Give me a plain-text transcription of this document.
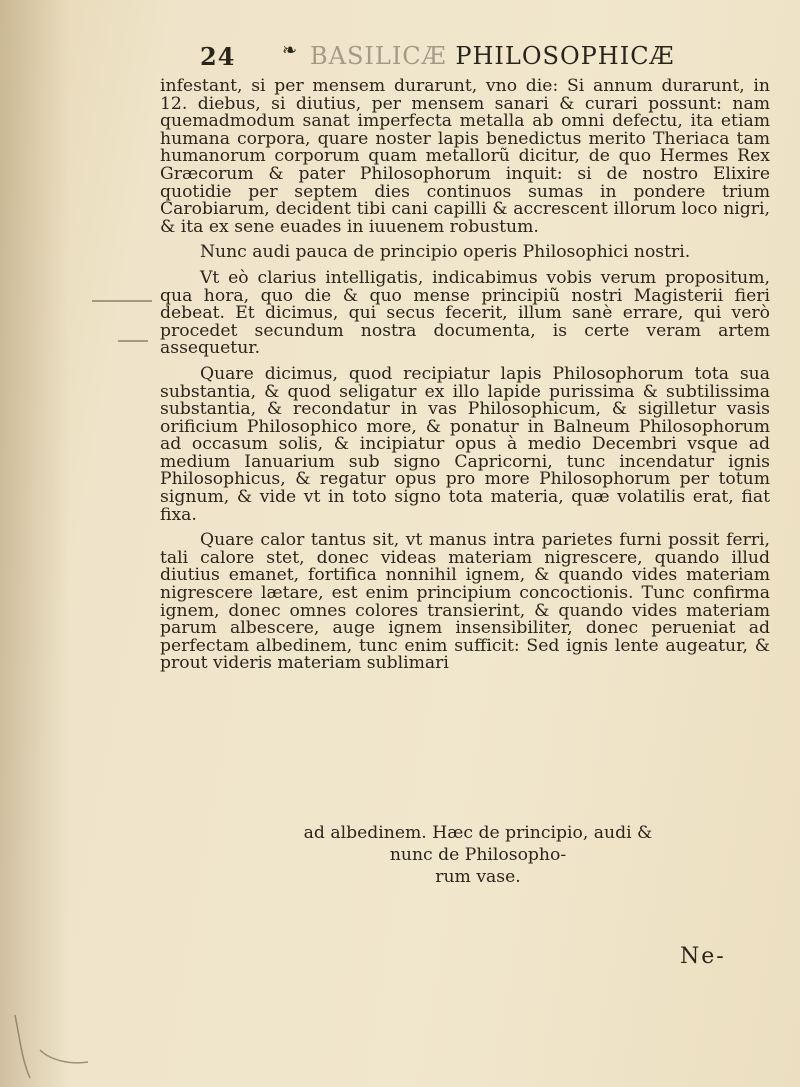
24	❧ BASILICÆ PHILOSOPHICÆ

infestant, si per mensem durarunt, vno die: Si annum durarunt, in 12. diebus, si diutius, per mensem sanari & curari possunt: nam quemadmodum sanat imperfecta metalla ab omni defectu, ita etiam humana corpora, quare noster lapis benedictus merito Theriaca tam humanorum corporum quam metallorũ dicitur, de quo Hermes Rex Græcorum & pater Philosophorum inquit: si de nostro Elixire quotidie per septem dies continuos sumas in pondere trium Carobiarum, decident tibi cani capilli & accrescent illorum loco nigri, & ita ex sene euades in iuuenem robustum.

Nunc audi pauca de principio operis Philosophici nostri.

Vt eò clarius intelligatis, indicabimus vobis verum propositum, qua hora, quo die & quo mense principiũ nostri Magisterii fieri debeat. Et dicimus, qui secus fecerit, illum sanè errare, qui verò procedet secundum nostra documenta, is certe veram artem assequetur.

Quare dicimus, quod recipiatur lapis Philosophorum tota sua substantia, & quod seligatur ex illo lapide purissima & subtilissima substantia, & recondatur in vas Philosophicum, & sigilletur vasis orificium Philosophico more, & ponatur in Balneum Philosophorum ad occasum solis, & incipiatur opus à medio Decembri vsque ad medium Ianuarium sub signo Capricorni, tunc incendatur ignis Philosophicus, & regatur opus pro more Philosophorum per totum signum, & vide vt in toto signo tota materia, quæ volatilis erat, fiat fixa.

Quare calor tantus sit, vt manus intra parietes furni possit ferri, tali calore stet, donec videas materiam nigrescere, quando illud diutius emanet, fortifica nonnihil ignem, & quando vides materiam nigrescere lætare, est enim principium concoctionis. Tunc confirma ignem, donec omnes colores transierint, & quando vides materiam parum albescere, auge ignem insensibiliter, donec perueniat ad perfectam albedinem, tunc enim sufficit: Sed ignis lente augeatur, & prout videris materiam sublimari

ad albedinem. Hæc de principio, audi &
nunc de Philosopho-
rum vase.
Ne-
